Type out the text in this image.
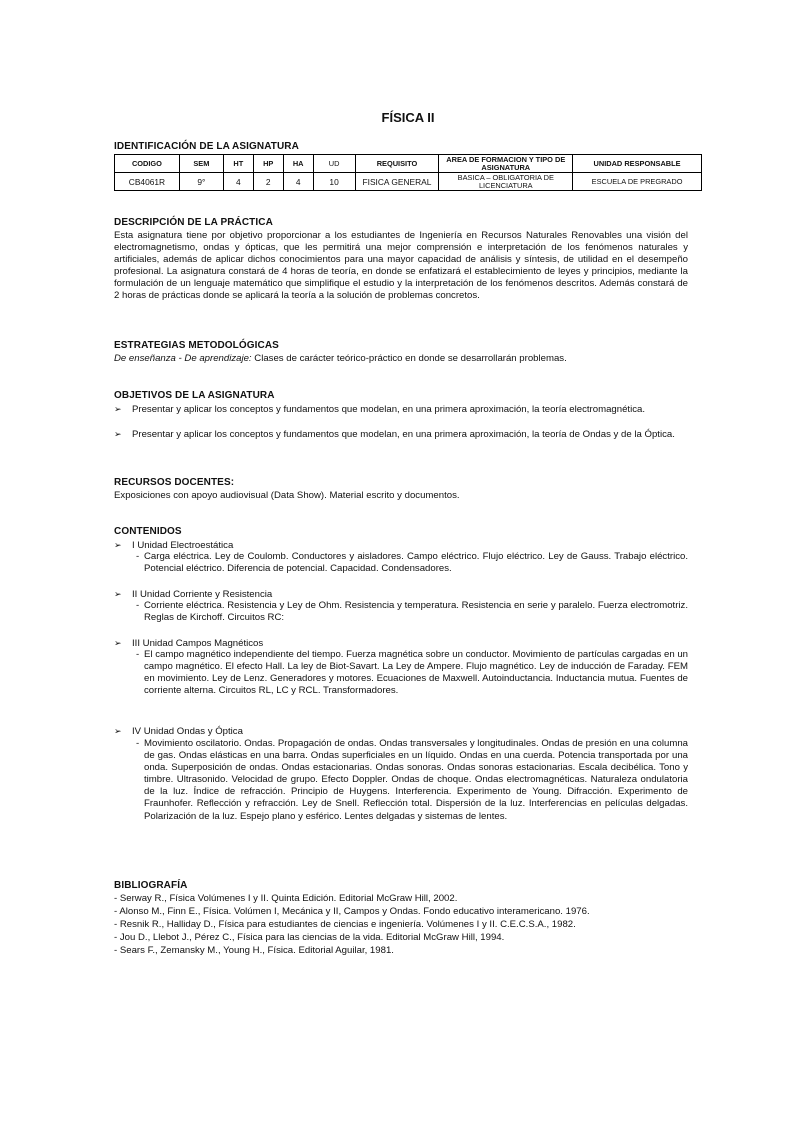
FÍSICA II
IDENTIFICACIÓN DE LA ASIGNATURA
CODIGO	SEM	HT	HP	HA	UD	REQUISITO	AREA DE FORMACION Y TIPO DE ASIGNATURA	UNIDAD RESPONSABLE
CB4061R	9°	4	2	4	10	FISICA GENERAL	BASICA – OBLIGATORIA DE LICENCIATURA	ESCUELA DE PREGRADO
DESCRIPCIÓN DE LA PRÁCTICA

Esta asignatura tiene por objetivo proporcionar a los estudiantes de Ingeniería en Recursos Naturales Renovables una visión del electromagnetismo, ondas y ópticas, que les permitirá una mejor comprensión e interpretación de los fenómenos naturales y artificiales, además de aplicar dichos conocimientos para una mayor capacidad de análisis y síntesis, de utilidad en el desempeño profesional. La asignatura constará de 4 horas de teoría, en donde se enfatizará el establecimiento de leyes y principios, mediante la formulación de un lenguaje matemático que simplifique el estudio y la interpretación de los fenómenos descritos. Además constará de 2 horas de prácticas donde se aplicará la teoría a la solución de problemas concretos.

ESTRATEGIAS METODOLÓGICAS

De enseñanza - De aprendizaje: Clases de carácter teórico-práctico en donde se desarrollarán problemas.

OBJETIVOS DE LA ASIGNATURA

➢ Presentar y aplicar los conceptos y fundamentos que modelan, en una primera aproximación, la teoría electromagnética.

➢ Presentar y aplicar los conceptos y fundamentos que modelan, en una primera aproximación, la teoría de Ondas y de la Óptica.

RECURSOS DOCENTES:

Exposiciones con apoyo audiovisual (Data Show). Material escrito y documentos.

CONTENIDOS
➢ I Unidad Electroestática
- Carga eléctrica. Ley de Coulomb. Conductores y aisladores. Campo eléctrico. Flujo eléctrico. Ley de Gauss. Trabajo eléctrico. Potencial eléctrico. Diferencia de potencial. Capacidad. Condensadores.

➢ II Unidad Corriente y Resistencia
- Corriente eléctrica. Resistencia y Ley de Ohm. Resistencia y temperatura. Resistencia en serie y paralelo. Fuerza electromotriz. Reglas de Kirchoff. Circuitos RC:

➢ III Unidad Campos Magnéticos
- El campo magnético independiente del tiempo. Fuerza magnética sobre un conductor. Movimiento de partículas cargadas en un campo magnético. El efecto Hall. La ley de Biot-Savart. La Ley de Ampere. Flujo magnético. Ley de inducción de Faraday. FEM en movimiento. Ley de Lenz. Generadores y motores. Ecuaciones de Maxwell. Autoinductancia. Inductancia mutua. Fuentes de corriente alterna. Circuitos RL, LC y RCL. Transformadores.

➢ IV Unidad Ondas y Óptica
- Movimiento oscilatorio. Ondas. Propagación de ondas. Ondas transversales y longitudinales. Ondas de presión en una columna de gas. Ondas elásticas en una barra. Ondas superficiales en un líquido. Ondas en una cuerda. Potencia transportada por una onda. Superposición de ondas. Ondas estacionarias. Ondas sonoras. Ondas sonoras estacionarias. Escala decibélica. Tono y timbre. Ultrasonido. Velocidad de grupo. Efecto Doppler. Ondas de choque. Ondas electromagnéticas. Naturaleza ondulatoria de la luz. Índice de refracción. Principio de Huygens. Interferencia. Experimento de Young. Difracción. Experimento de Fraunhofer. Reflección y refracción. Ley de Snell. Reflección total. Dispersión de la luz. Interferencias en películas delgadas. Polarización de la luz. Espejo plano y esférico. Lentes delgadas y sistemas de lentes.

BIBLIOGRAFÍA
- Serway R., Física Volúmenes I y II. Quinta Edición. Editorial McGraw Hill, 2002.
- Alonso M., Finn E., Física. Volúmen I, Mecánica y II, Campos y Ondas. Fondo educativo interamericano. 1976.
- Resnik R., Halliday D., Física para estudiantes de ciencias e ingeniería. Volúmenes I y II. C.E.C.S.A., 1982.
- Jou D., Llebot J., Pérez C., Física para las ciencias de la vida. Editorial McGraw Hill, 1994.
- Sears F., Zemansky M., Young H., Física. Editorial Aguilar, 1981.
